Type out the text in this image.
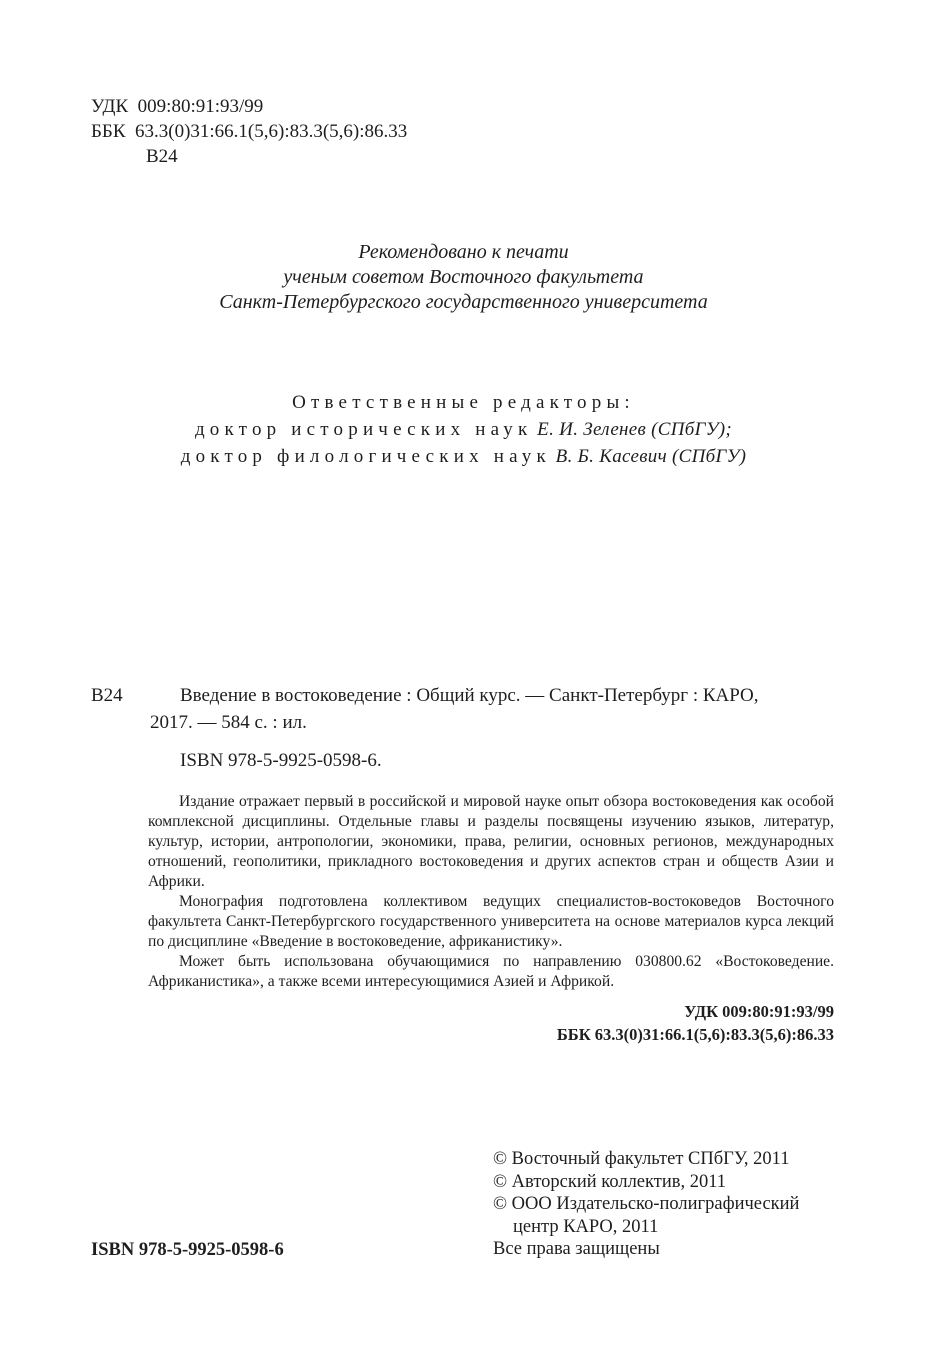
УДК  009:80:91:93/99
ББК  63.3(0)31:66.1(5,6):83.3(5,6):86.33
В24
Рекомендовано к печати
ученым советом Восточного факультета
Санкт-Петербургского государственного университета
Ответственные редакторы:
доктор исторических наук Е. И. Зеленев (СПбГУ);
доктор филологических наук В. Б. Касевич (СПбГУ)
В24	Введение в востоковедение : Общий курс. — Санкт-Петербург : КАРО,
2017. — 584 с. : ил.
ISBN 978-5-9925-0598-6.

Издание отражает первый в российской и мировой науке опыт обзора востоковедения как особой комплексной дисциплины. Отдельные главы и разделы посвящены изучению языков, литератур, культур, истории, антропологии, экономики, права, религии, основных регионов, международных отношений, геополитики, прикладного востоковедения и других аспектов стран и обществ Азии и Африки.

Монография подготовлена коллективом ведущих специалистов-востоковедов Восточного факультета Санкт-Петербургского государственного университета на основе материалов курса лекций по дисциплине «Введение в востоковедение, африканистику».

Может быть использована обучающимися по направлению 030800.62 «Востоковедение. Африканистика», а также всеми интересующимися Азией и Африкой.

УДК 009:80:91:93/99
ББК 63.3(0)31:66.1(5,6):83.3(5,6):86.33
© Восточный факультет СПбГУ, 2011
© Авторский коллектив, 2011
© ООО Издательско-полиграфический
центр КАРО, 2011
Все права защищены
ISBN 978-5-9925-0598-6
